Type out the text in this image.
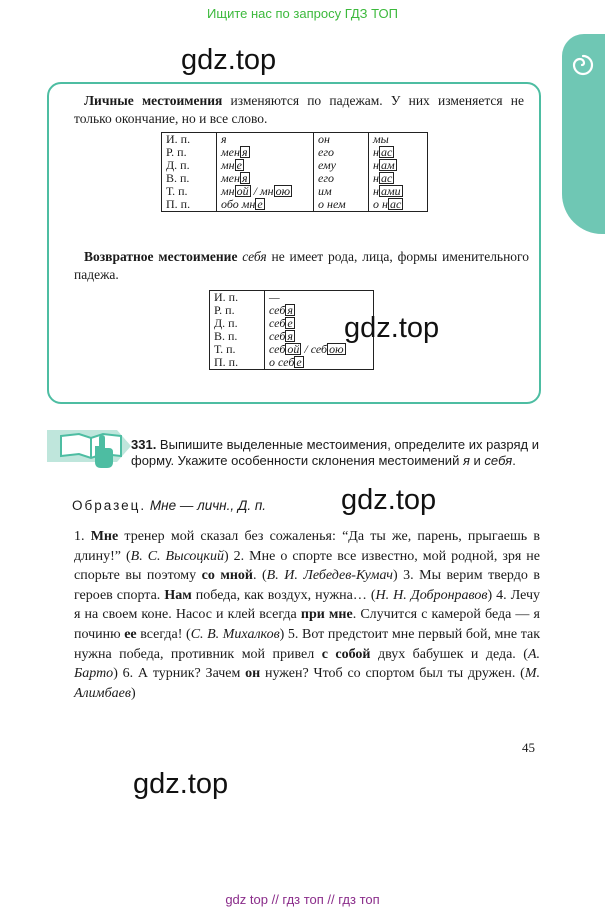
Ищите нас по запросу ГДЗ ТОП
gdz.top
Личные местоимения изменяются по падежам. У них изменяется не только окончание, но и все слово.
И. п.	я	он	мы
Р. п.	мен я	его	н ас
Д. п.	мн е	ему	н ам
В. п.	мен я	его	н ас
Т. п.	мн ой / мн ою	им	н ами
П. п.	обо мн е	о нем	о н ас
Возвратное местоимение себя не имеет рода, лица, формы именительного падежа.
И. п.	—
Р. п.	себ я
Д. п.	себ е
В. п.	себ я
Т. п.	себ ой / себ ою
П. п.	о себ е
gdz.top
331. Выпишите выделенные местоимения, определите их разряд и форму. Укажите особенности склонения местоимений я и себя.
Образец. Мне — личн., Д. п.	gdz.top
1. Мне тренер мой сказал без сожаленья: “Да ты же, парень, прыгаешь в длину!” (В. С. Высоцкий) 2. Мне о спорте все известно, мой родной, зря не спорьте вы поэтому со мной. (В. И. Лебедев-Кумач) 3. Мы верим твердо в героев спорта. Нам победа, как воздух, нужна… (Н. Н. Добронравов) 4. Лечу я на своем коне. Насос и клей всегда при мне. Случится с камерой беда — я починю ее всегда! (С. В. Михалков) 5. Вот предстоит мне первый бой, мне так нужна победа, противник мой привел с собой двух бабушек и деда. (А. Барто) 6. А турник? Зачем он нужен? Чтоб со спортом был ты дружен. (М. Алимбаев)
gdz.top
45
gdz top // гдз топ // гдз топ
